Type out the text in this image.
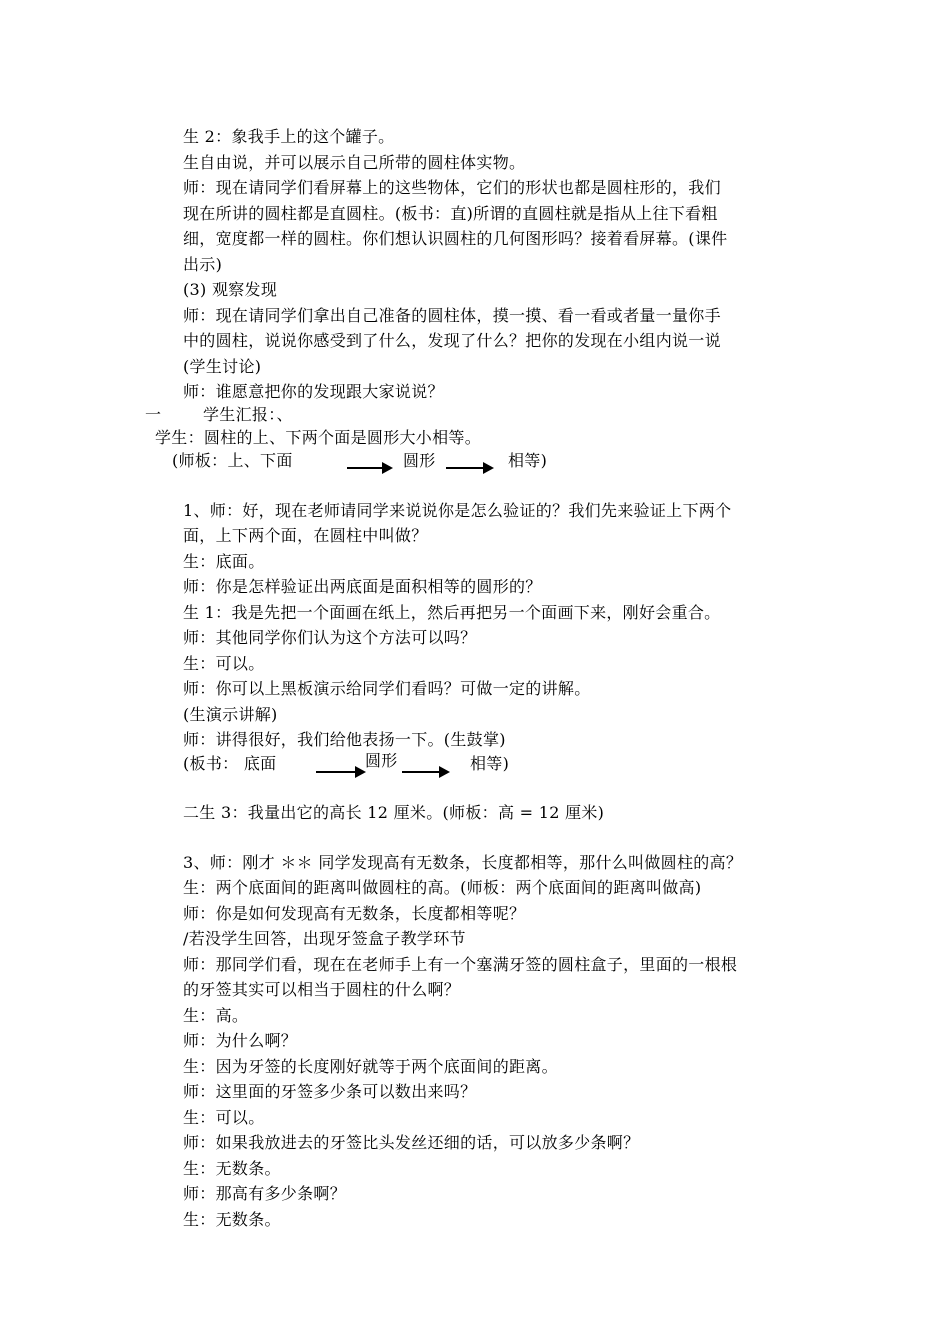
生 2：象我手上的这个罐子。
生自由说，并可以展示自己所带的圆柱体实物。
师：现在请同学们看屏幕上的这些物体，它们的形状也都是圆柱形的，我们
现在所讲的圆柱都是直圆柱。(板书：直)所谓的直圆柱就是指从上往下看粗
细，宽度都一样的圆柱。你们想认识圆柱的几何图形吗？接着看屏幕。(课件
出示)
(3) 观察发现
师：现在请同学们拿出自己准备的圆柱体，摸一摸、看一看或者量一量你手
中的圆柱，说说你感受到了什么，发现了什么？把你的发现在小组内说一说
(学生讨论)
师：谁愿意把你的发现跟大家说说？
一	学生汇报：、
学生：圆柱的上、下两个面是圆形大小相等。
(师板：上、下面	圆形	相等)
1、师：好，现在老师请同学来说说你是怎么验证的？我们先来验证上下两个
面，上下两个面，在圆柱中叫做？
生：底面。
师：你是怎样验证出两底面是面积相等的圆形的？
生 1：我是先把一个面画在纸上，然后再把另一个面画下来，刚好会重合。
师：其他同学你们认为这个方法可以吗？
生：可以。
师：你可以上黑板演示给同学们看吗？可做一定的讲解。
(生演示讲解)
师：讲得很好，我们给他表扬一下。(生鼓掌)
(板书： 底面	圆形	相等)
二生 3：我量出它的高长 12 厘米。(师板：高 = 12 厘米)
3、师：刚才 ＊＊ 同学发现高有无数条，长度都相等，那什么叫做圆柱的高？
生：两个底面间的距离叫做圆柱的高。(师板：两个底面间的距离叫做高)
师：你是如何发现高有无数条，长度都相等呢？
/若没学生回答，出现牙签盒子教学环节
师：那同学们看，现在在老师手上有一个塞满牙签的圆柱盒子，里面的一根根
的牙签其实可以相当于圆柱的什么啊？
生：高。
师：为什么啊？
生：因为牙签的长度刚好就等于两个底面间的距离。
师：这里面的牙签多少条可以数出来吗？
生：可以。
师：如果我放进去的牙签比头发丝还细的话，可以放多少条啊？
生：无数条。
师：那高有多少条啊？
生：无数条。
